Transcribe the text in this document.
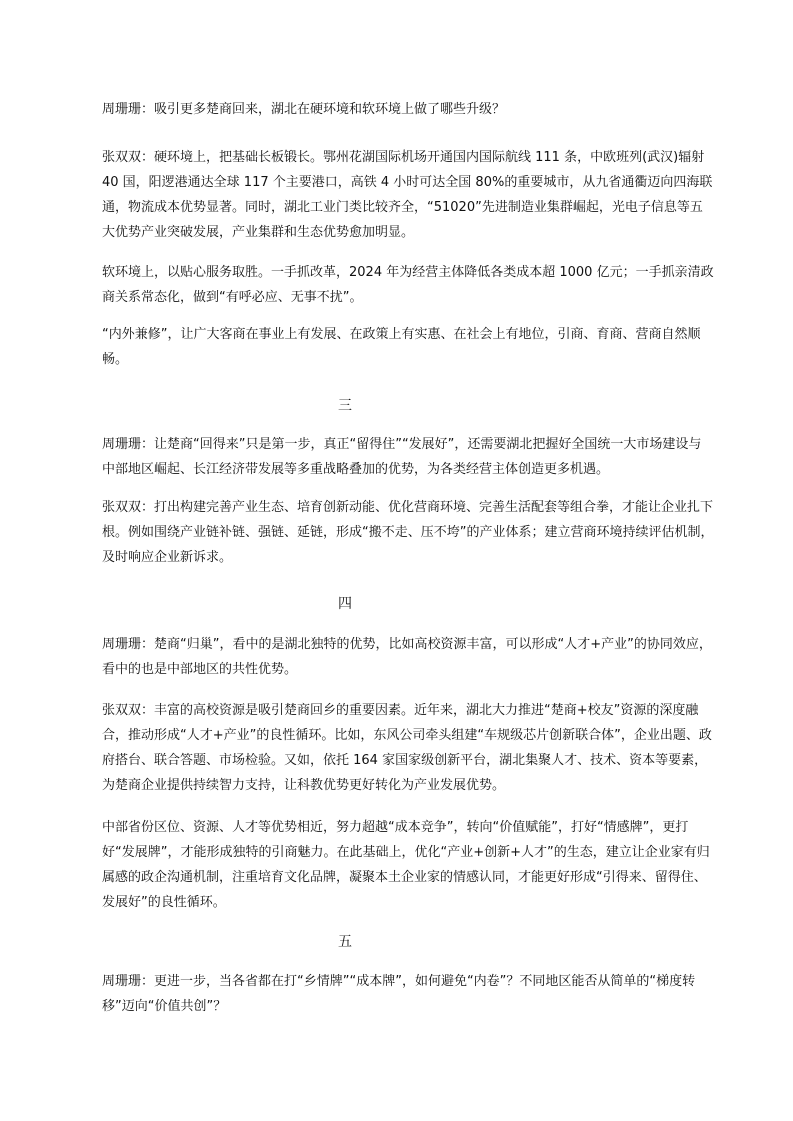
周珊珊：吸引更多楚商回来，湖北在硬环境和软环境上做了哪些升级？

张双双：硬环境上，把基础长板锻长。鄂州花湖国际机场开通国内国际航线 111 条，中欧班列(武汉)辐射 40 国，阳逻港通达全球 117 个主要港口，高铁 4 小时可达全国 80%的重要城市，从九省通衢迈向四海联通，物流成本优势显著。同时，湖北工业门类比较齐全，“51020”先进制造业集群崛起，光电子信息等五大优势产业突破发展，产业集群和生态优势愈加明显。

软环境上，以贴心服务取胜。一手抓改革，2024 年为经营主体降低各类成本超 1000 亿元；一手抓亲清政商关系常态化，做到“有呼必应、无事不扰”。

“内外兼修”，让广大客商在事业上有发展、在政策上有实惠、在社会上有地位，引商、育商、营商自然顺畅。

三

周珊珊：让楚商“回得来”只是第一步，真正“留得住”“发展好”，还需要湖北把握好全国统一大市场建设与中部地区崛起、长江经济带发展等多重战略叠加的优势，为各类经营主体创造更多机遇。

张双双：打出构建完善产业生态、培育创新动能、优化营商环境、完善生活配套等组合拳，才能让企业扎下根。例如围绕产业链补链、强链、延链，形成“搬不走、压不垮”的产业体系；建立营商环境持续评估机制，及时响应企业新诉求。

四

周珊珊：楚商“归巢”，看中的是湖北独特的优势，比如高校资源丰富，可以形成“人才+产业”的协同效应，看中的也是中部地区的共性优势。

张双双：丰富的高校资源是吸引楚商回乡的重要因素。近年来，湖北大力推进“楚商+校友”资源的深度融合，推动形成“人才+产业”的良性循环。比如，东风公司牵头组建“车规级芯片创新联合体”，企业出题、政府搭台、联合答题、市场检验。又如，依托 164 家国家级创新平台，湖北集聚人才、技术、资本等要素，为楚商企业提供持续智力支持，让科教优势更好转化为产业发展优势。

中部省份区位、资源、人才等优势相近，努力超越“成本竞争”，转向“价值赋能”，打好“情感牌”，更打好“发展牌”，才能形成独特的引商魅力。在此基础上，优化“产业+创新+人才”的生态，建立让企业家有归属感的政企沟通机制，注重培育文化品牌，凝聚本土企业家的情感认同，才能更好形成“引得来、留得住、发展好”的良性循环。

五

周珊珊：更进一步，当各省都在打“乡情牌”“成本牌”，如何避免“内卷”？不同地区能否从简单的“梯度转移”迈向“价值共创”？
